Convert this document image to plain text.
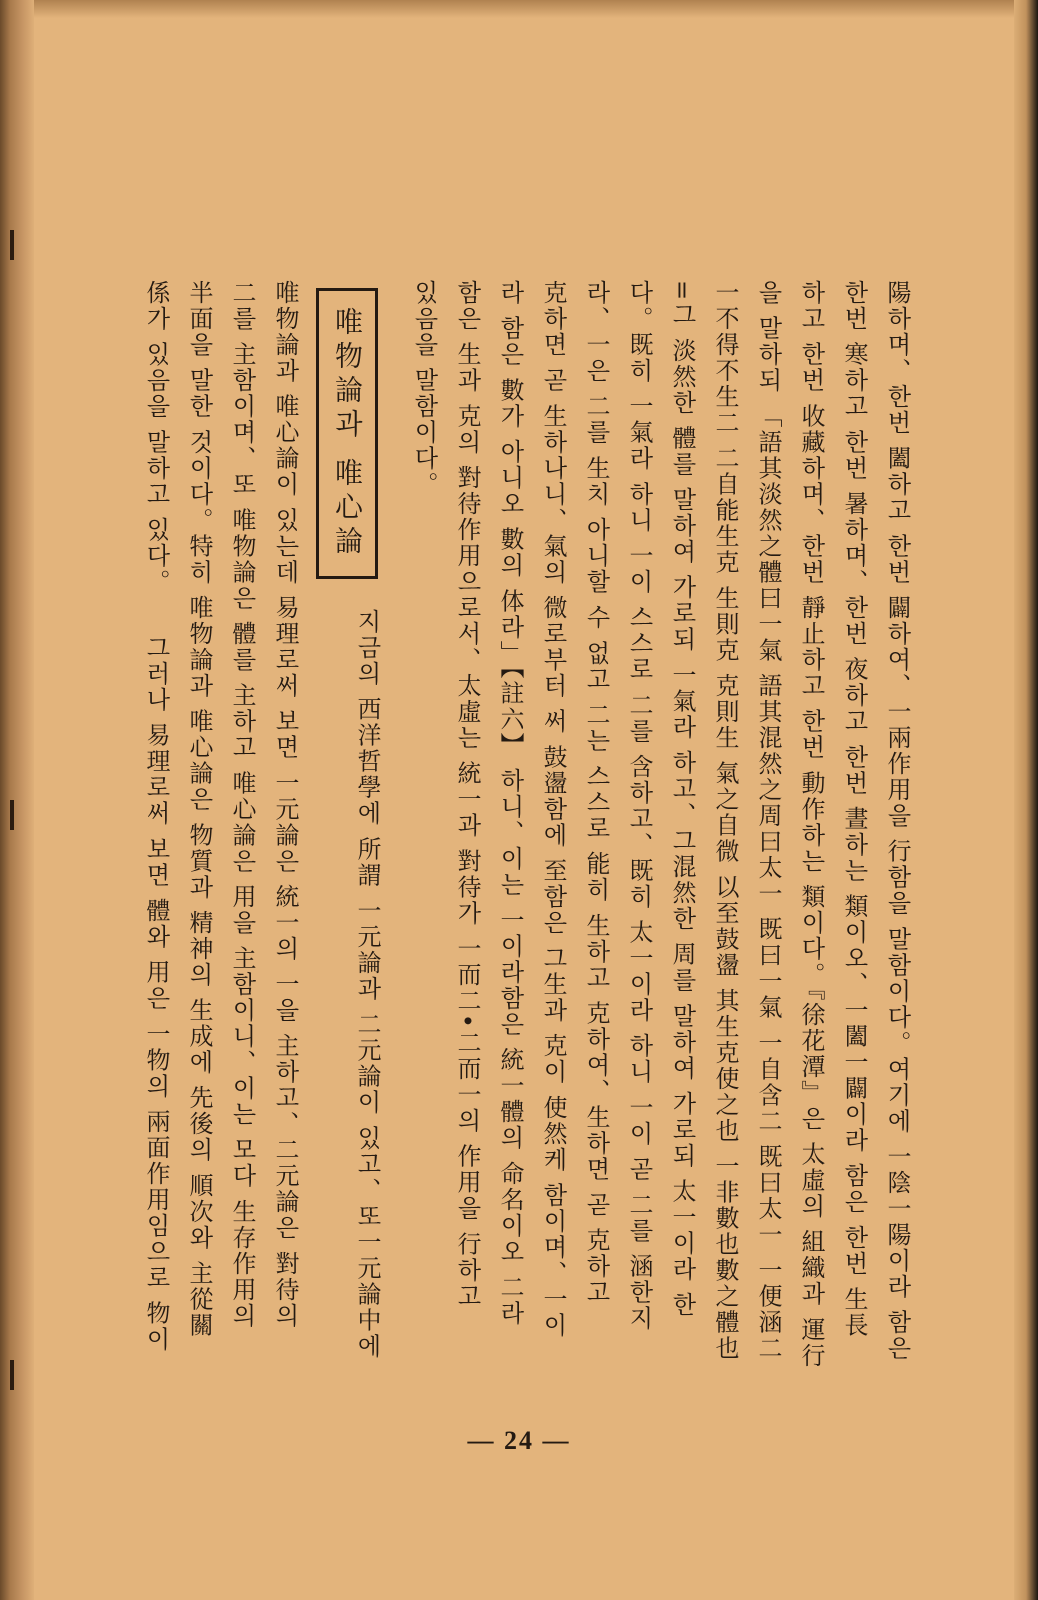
陽하며、한번 闔하고 한번 闢하여、一兩作用을 行함을 말함이다。여기에 一陰一陽이라 함은
한번 寒하고 한번 暑하며、한번 夜하고 한번 晝하는 類이오、一闔一闢이라 함은 한번 生長
하고 한번 收藏하며、한번 靜止하고 한번 動作하는 類이다。『徐花潭』은 太虛의 組織과 運行
을 말하되 「語其淡然之體曰一氣 語其混然之周曰太一 既曰一氣 一自含二 既曰太一 一便涵二
一不得不生二 二自能生克 生則克 克則生 氣之自微 以至鼓盪 其生克使之也 一非數也數之體也
=그 淡然한 體를 말하여 가로되 一氣라 하고、그混然한 周를 말하여 가로되 太一이라 한
다。既히 一氣라 하니 一이 스스로 二를 含하고、既히 太一이라 하니 一이 곧 二를 涵한지
라、一은 二를 生치 아니할 수 없고 二는 스스로 能히 生하고 克하여、生하면 곧 克하고
克하면 곧 生하나니、氣의 微로부터 써 鼓盪함에 至함은 그生과 克이 使然케 함이며、一이
라 함은 數가 아니오 數의 体라」【註六】 하니、이는 一이라함은 統一體의 命名이오 二라
함은 生과 克의 對待作用으로서、太虛는 統一과 對待가 一而二•二而一의 作用을 行하고
있음을 말함이다。
唯物論과 唯心論지금의 西洋哲學에 所謂 一元論과 二元論이 있고、또一元論中에
唯物論과 唯心論이 있는데 易理로써 보면 一元論은 統一의 一을 主하고、二元論은 對待의
二를 主함이며、또 唯物論은 體를 主하고 唯心論은 用을 主함이니、이는 모다 生存作用의
半面을 말한 것이다。特히 唯物論과 唯心論은 物質과 精神의 生成에 先後의 順次와 主從關
係가 있음을 말하고 있다。그러나 易理로써 보면 體와 用은 一物의 兩面作用임으로 物이
— 24 —
